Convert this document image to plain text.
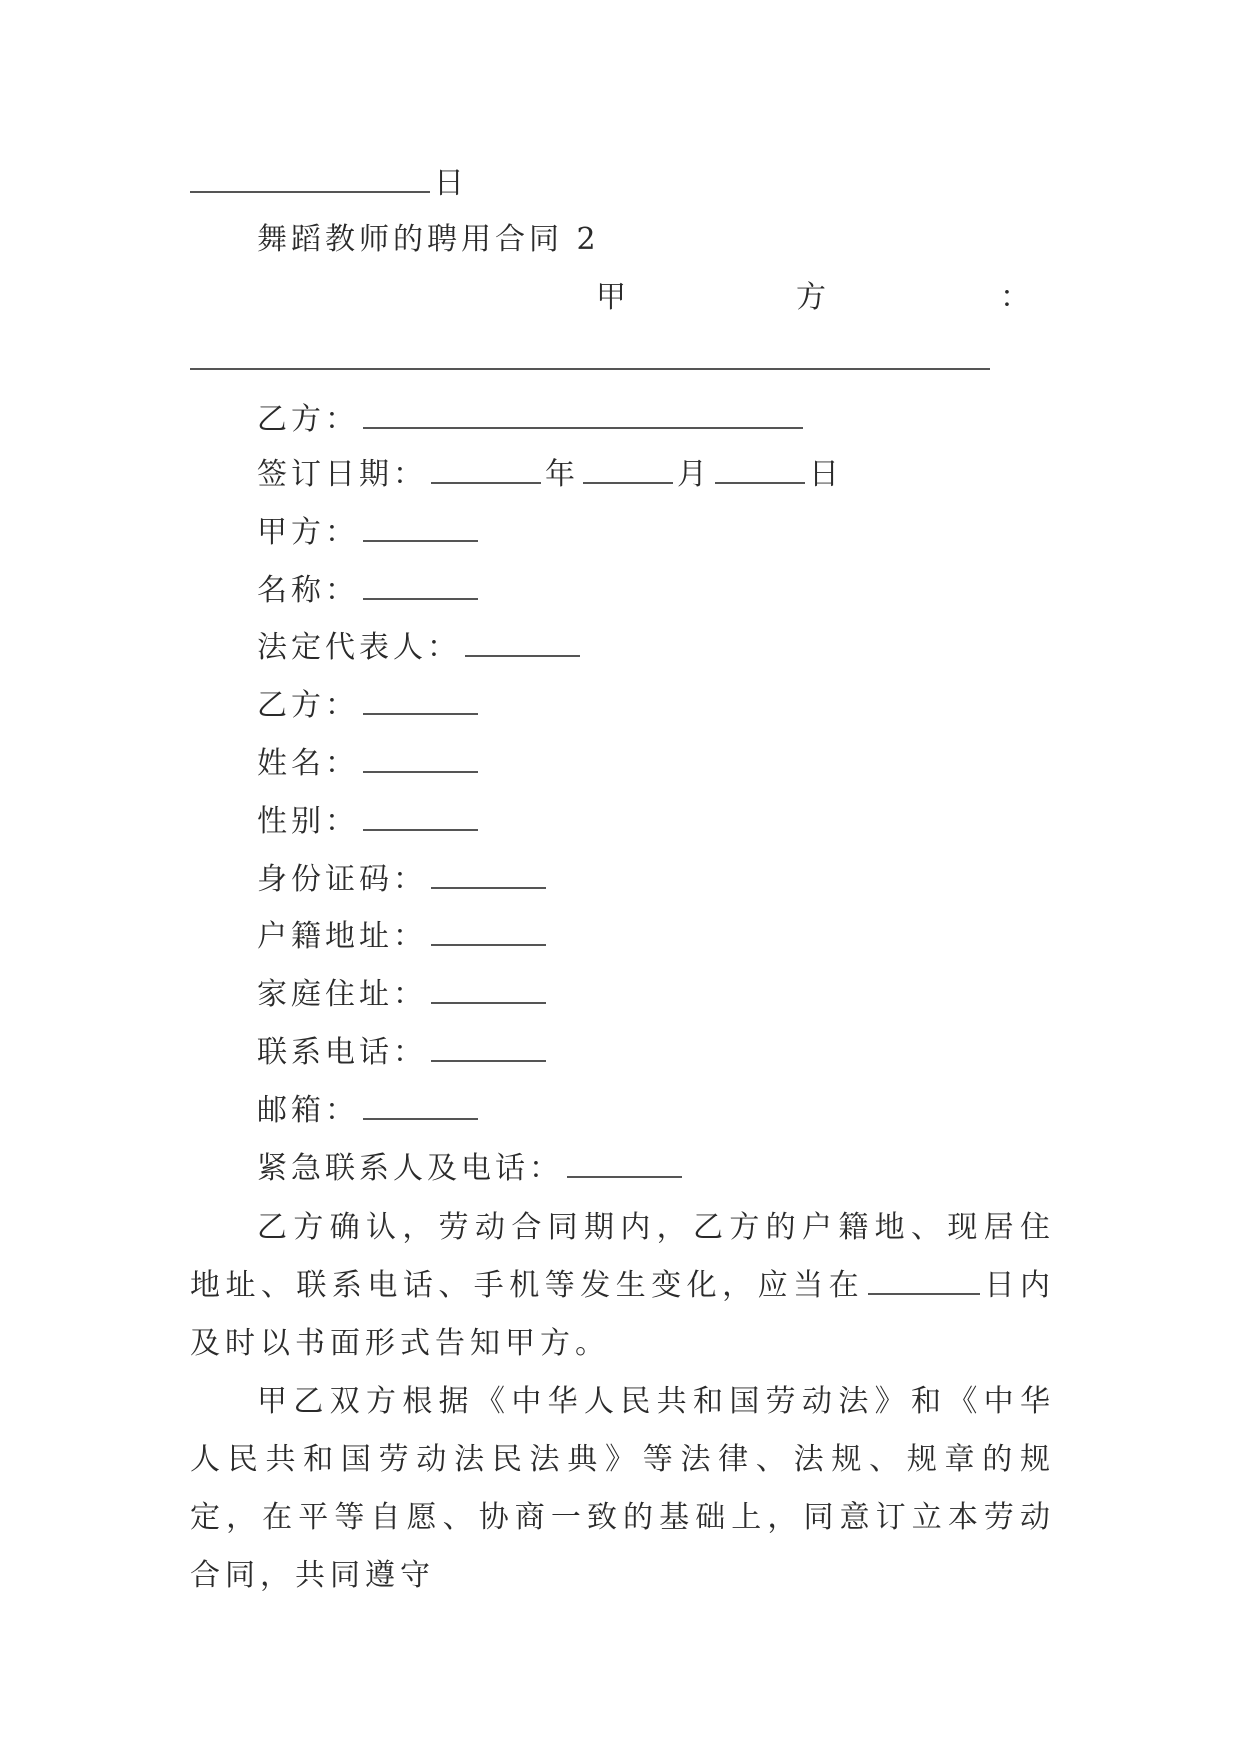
日
舞蹈教师的聘用合同 2
甲	方	：
乙方：
签订日期：	年	月	日
甲方：
名称：
法定代表人：
乙方：
姓名：
性别：
身份证码：
户籍地址：
家庭住址：
联系电话：
邮箱：
紧急联系人及电话：
乙方确认，劳动合同期内，乙方的户籍地、现居住地址、联系电话、手机等发生变化，应当在	日内及时以书面形式告知甲方。
甲乙双方根据《中华人民共和国劳动法》和《中华人民共和国劳动法民法典》等法律、法规、规章的规定，在平等自愿、协商一致的基础上，同意订立本劳动合同，共同遵守
